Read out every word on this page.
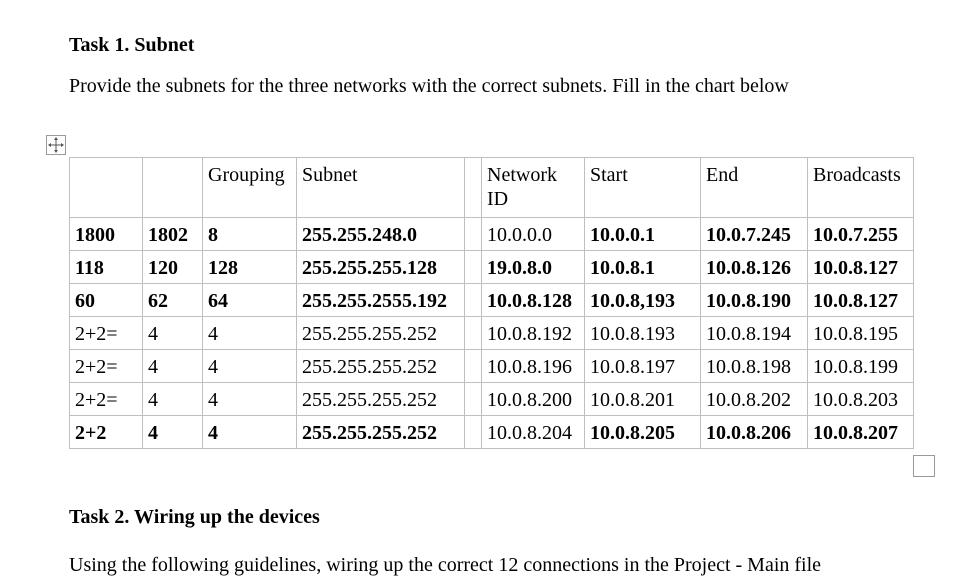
Task 1. Subnet
Provide the subnets for the three networks with the correct subnets. Fill in the chart below
		Grouping	Subnet		Network ID	Start	End	Broadcasts
1800	1802	8	255.255.248.0		10.0.0.0	10.0.0.1	10.0.7.245	10.0.7.255
118	120	128	255.255.255.128		19.0.8.0	10.0.8.1	10.0.8.126	10.0.8.127
60	62	64	255.255.2555.192		10.0.8.128	10.0.8,193	10.0.8.190	10.0.8.127
2+2=	4	4	255.255.255.252		10.0.8.192	10.0.8.193	10.0.8.194	10.0.8.195
2+2=	4	4	255.255.255.252		10.0.8.196	10.0.8.197	10.0.8.198	10.0.8.199
2+2=	4	4	255.255.255.252		10.0.8.200	10.0.8.201	10.0.8.202	10.0.8.203
2+2	4	4	255.255.255.252		10.0.8.204	10.0.8.205	10.0.8.206	10.0.8.207
Task 2. Wiring up the devices
Using the following guidelines, wiring up the correct 12 connections in the Project - Main file
